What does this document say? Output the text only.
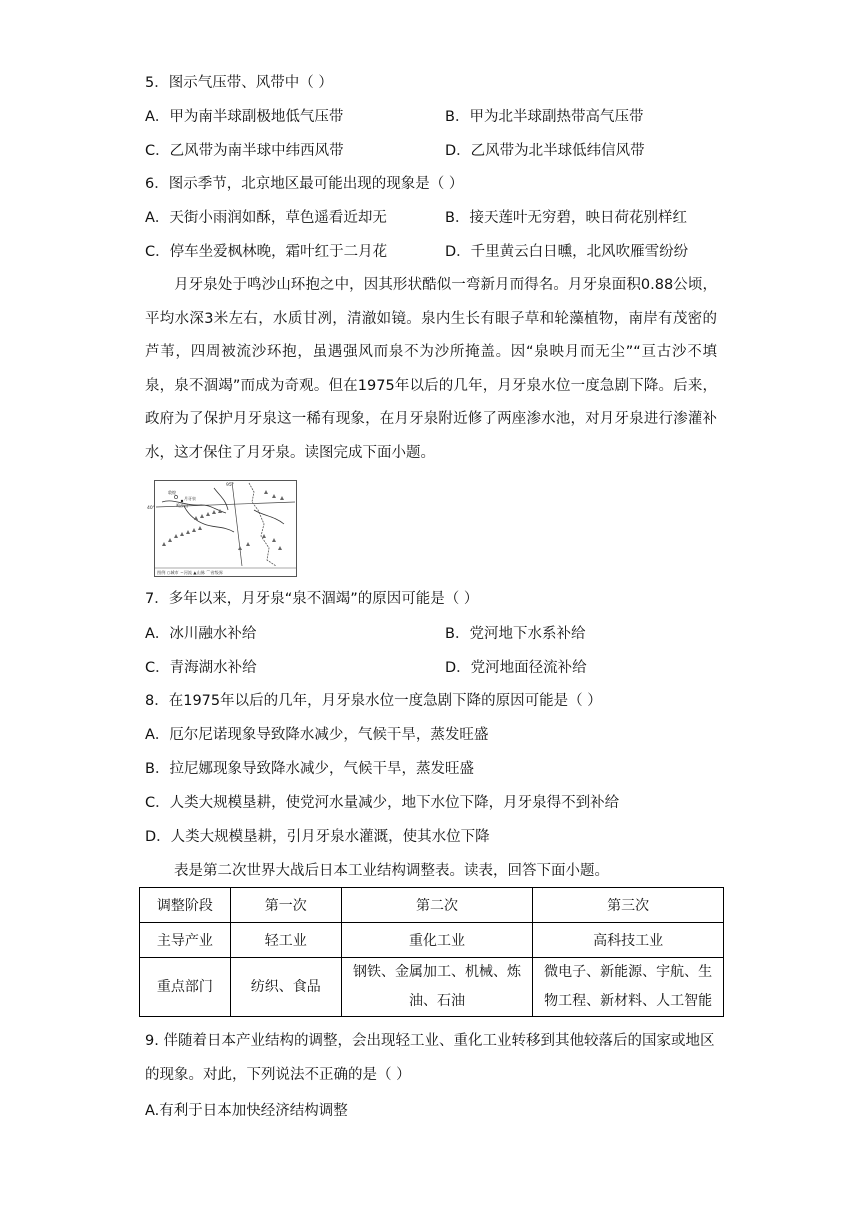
5．图示气压带、风带中（ ）
A．甲为南半球副极地低气压带	B．甲为北半球副热带高气压带
C．乙风带为南半球中纬西风带	D．乙风带为北半球低纬信风带
6．图示季节，北京地区最可能出现的现象是（ ）
A．天街小雨润如酥，草色遥看近却无	B．接天莲叶无穷碧，映日荷花别样红
C．停车坐爱枫林晚，霜叶红于二月花	D．千里黄云白日曛，北风吹雁雪纷纷
月牙泉处于鸣沙山环抱之中，因其形状酷似一弯新月而得名。月牙泉面积0.88公顷，平均水深3米左右，水质甘冽，清澈如镜。泉内生长有眼子草和轮藻植物，南岸有茂密的芦苇，四周被流沙环抱，虽遇强风而泉不为沙所掩盖。因“泉映月而无尘”“亘古沙不填泉，泉不涸竭”而成为奇观。但在1975年以后的几年，月牙泉水位一度急剧下降。后来，政府为了保护月牙泉这一稀有现象，在月牙泉附近修了两座渗水池，对月牙泉进行渗灌补水，这才保住了月牙泉。读图完成下面小题。
95°
40°
敦煌
月牙泉
鸣沙山
图例 ○城市 ∼河流 ▲山脉 ⌒省级界
7．多年以来，月牙泉“泉不涸竭”的原因可能是（ ）
A．冰川融水补给	B．党河地下水系补给
C．青海湖水补给	D．党河地面径流补给
8．在1975年以后的几年，月牙泉水位一度急剧下降的原因可能是（ ）
A．厄尔尼诺现象导致降水减少，气候干旱，蒸发旺盛
B．拉尼娜现象导致降水减少，气候干旱，蒸发旺盛
C．人类大规模垦耕，使党河水量减少，地下水位下降，月牙泉得不到补给
D．人类大规模垦耕，引月牙泉水灌溉，使其水位下降
表是第二次世界大战后日本工业结构调整表。读表，回答下面小题。
调整阶段	第一次	第二次	第三次
主导产业	轻工业	重化工业	高科技工业
重点部门	纺织、食品	钢铁、金属加工、机械、炼油、石油	微电子、新能源、宇航、生物工程、新材料、人工智能
9. 伴随着日本产业结构的调整，会出现轻工业、重化工业转移到其他较落后的国家或地区的现象。对此，下列说法不正确的是（ ）
A.有利于日本加快经济结构调整
